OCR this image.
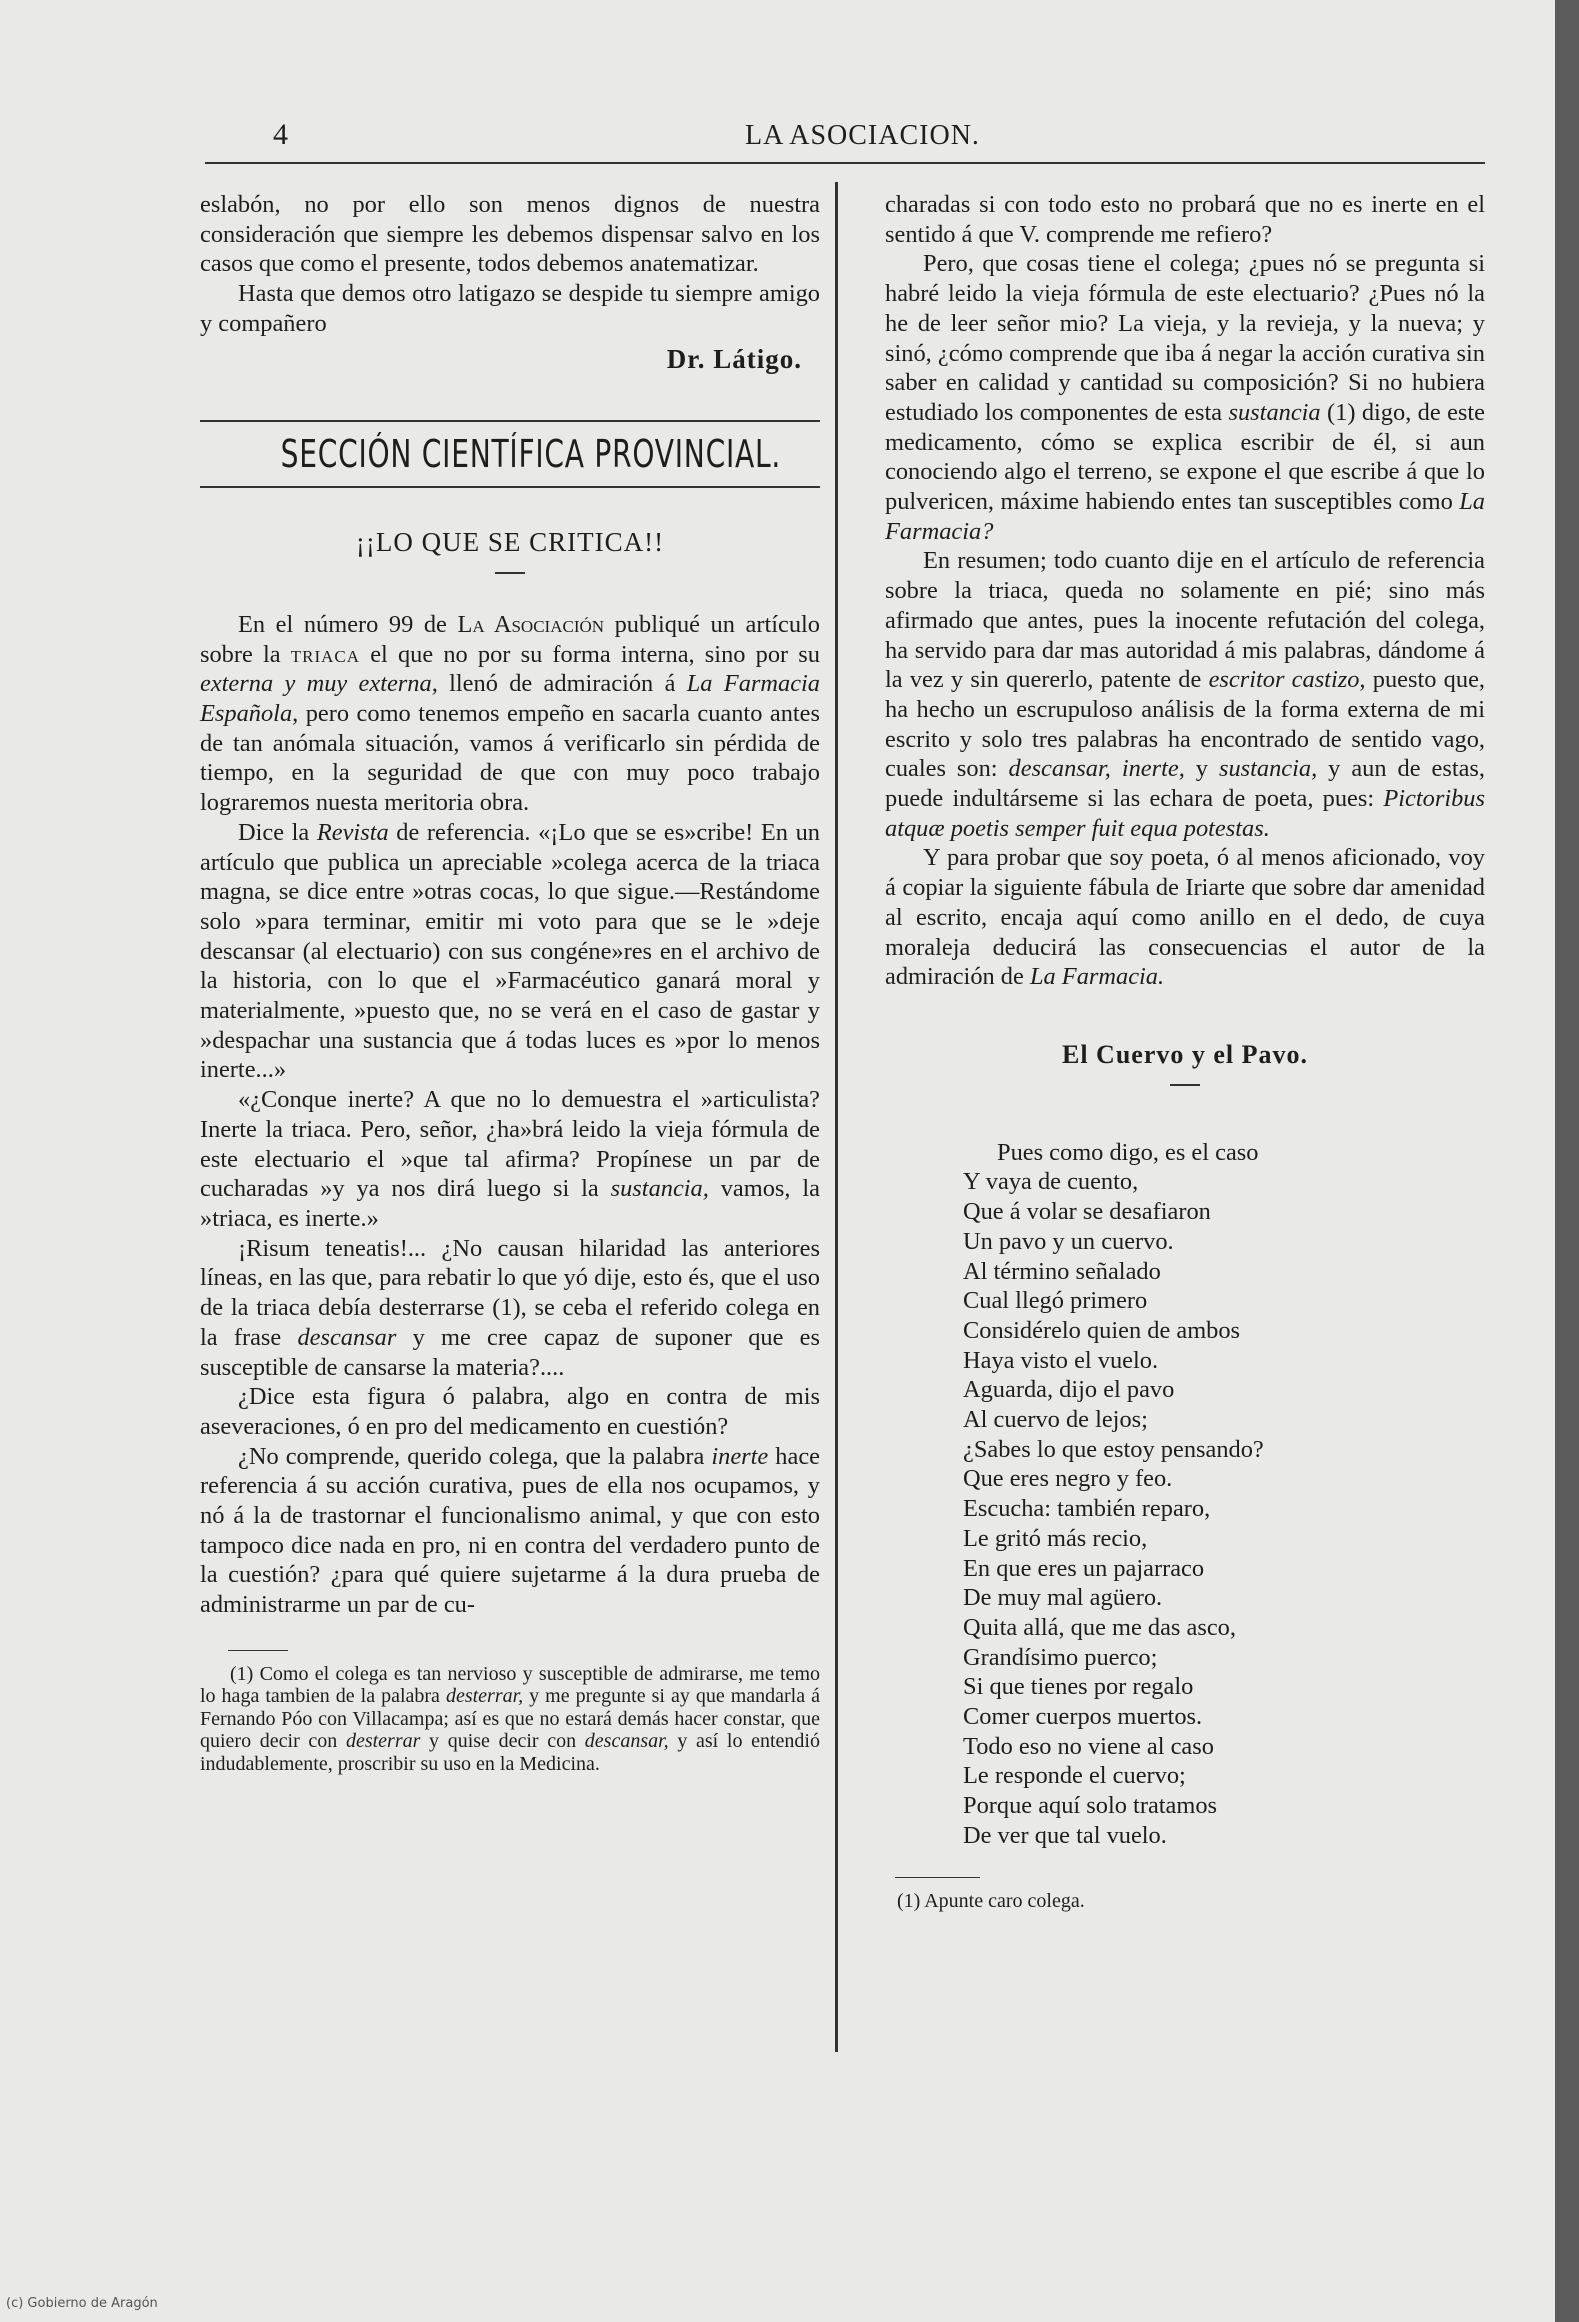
4	LA ASOCIACION.

eslabón, no por ello son menos dignos de nuestra consideración que siempre les debemos dispensar salvo en los casos que como el presente, todos debemos anatematizar.

Hasta que demos otro latigazo se despide tu siempre amigo y compañero

Dr. Látigo.

SECCIÓN CIENTÍFICA PROVINCIAL.
¡¡LO QUE SE CRITICA!!

En el número 99 de La Asociación publiqué un artículo sobre la triaca el que no por su forma interna, sino por su externa y muy externa, llenó de admiración á La Farmacia Española, pero como tenemos empeño en sacarla cuanto antes de tan anómala situación, vamos á verificarlo sin pérdida de tiempo, en la seguridad de que con muy poco trabajo lograremos nuesta meritoria obra.

Dice la Revista de referencia. «¡Lo que se es»cribe! En un artículo que publica un apreciable »colega acerca de la triaca magna, se dice entre »otras cocas, lo que sigue.—Restándome solo »para terminar, emitir mi voto para que se le »deje descansar (al electuario) con sus congéne»res en el archivo de la historia, con lo que el »Farmacéutico ganará moral y materialmente, »puesto que, no se verá en el caso de gastar y »despachar una sustancia que á todas luces es »por lo menos inerte...»

«¿Conque inerte? A que no lo demuestra el »articulista? Inerte la triaca. Pero, señor, ¿ha»brá leido la vieja fórmula de este electuario el »que tal afirma? Propínese un par de cucharadas »y ya nos dirá luego si la sustancia, vamos, la »triaca, es inerte.»

¡Risum teneatis!... ¿No causan hilaridad las anteriores líneas, en las que, para rebatir lo que yó dije, esto és, que el uso de la triaca debía desterrarse (1), se ceba el referido colega en la frase descansar y me cree capaz de suponer que es susceptible de cansarse la materia?....

¿Dice esta figura ó palabra, algo en contra de mis aseveraciones, ó en pro del medicamento en cuestión?

¿No comprende, querido colega, que la palabra inerte hace referencia á su acción curativa, pues de ella nos ocupamos, y nó á la de trastornar el funcionalismo animal, y que con esto tampoco dice nada en pro, ni en contra del verdadero punto de la cuestión? ¿para qué quiere sujetarme á la dura prueba de administrarme un par de cu-

(1) Como el colega es tan nervioso y susceptible de admirarse, me temo lo haga tambien de la palabra desterrar, y me pregunte si ay que mandarla á Fernando Póo con Villacampa; así es que no estará demás hacer constar, que quiero decir con desterrar y quise decir con descansar, y así lo entendió indudablemente, proscribir su uso en la Medicina.

charadas si con todo esto no probará que no es inerte en el sentido á que V. comprende me refiero?

Pero, que cosas tiene el colega; ¿pues nó se pregunta si habré leido la vieja fórmula de este electuario? ¿Pues nó la he de leer señor mio? La vieja, y la revieja, y la nueva; y sinó, ¿cómo comprende que iba á negar la acción curativa sin saber en calidad y cantidad su composición? Si no hubiera estudiado los componentes de esta sustancia (1) digo, de este medicamento, cómo se explica escribir de él, si aun conociendo algo el terreno, se expone el que escribe á que lo pulvericen, máxime habiendo entes tan susceptibles como La Farmacia?

En resumen; todo cuanto dije en el artículo de referencia sobre la triaca, queda no solamente en pié; sino más afirmado que antes, pues la inocente refutación del colega, ha servido para dar mas autoridad á mis palabras, dándome á la vez y sin quererlo, patente de escritor castizo, puesto que, ha hecho un escrupuloso análisis de la forma externa de mi escrito y solo tres palabras ha encontrado de sentido vago, cuales son: descansar, inerte, y sustancia, y aun de estas, puede indultárseme si las echara de poeta, pues: Pictoribus atquæ poetis semper fuit equa potestas.

Y para probar que soy poeta, ó al menos aficionado, voy á copiar la siguiente fábula de Iriarte que sobre dar amenidad al escrito, encaja aquí como anillo en el dedo, de cuya moraleja deducirá las consecuencias el autor de la admiración de La Farmacia.

El Cuervo y el Pavo.
Pues como digo, es el caso
Y vaya de cuento,
Que á volar se desafiaron
Un pavo y un cuervo.
Al término señalado
Cual llegó primero
Considérelo quien de ambos
Haya visto el vuelo.
Aguarda, dijo el pavo
Al cuervo de lejos;
¿Sabes lo que estoy pensando?
Que eres negro y feo.
Escucha: también reparo,
Le gritó más recio,
En que eres un pajarraco
De muy mal agüero.
Quita allá, que me das asco,
Grandísimo puerco;
Si que tienes por regalo
Comer cuerpos muertos.
Todo eso no viene al caso
Le responde el cuervo;
Porque aquí solo tratamos
De ver que tal vuelo.
(1) Apunte caro colega.
(c) Gobierno de Aragón
